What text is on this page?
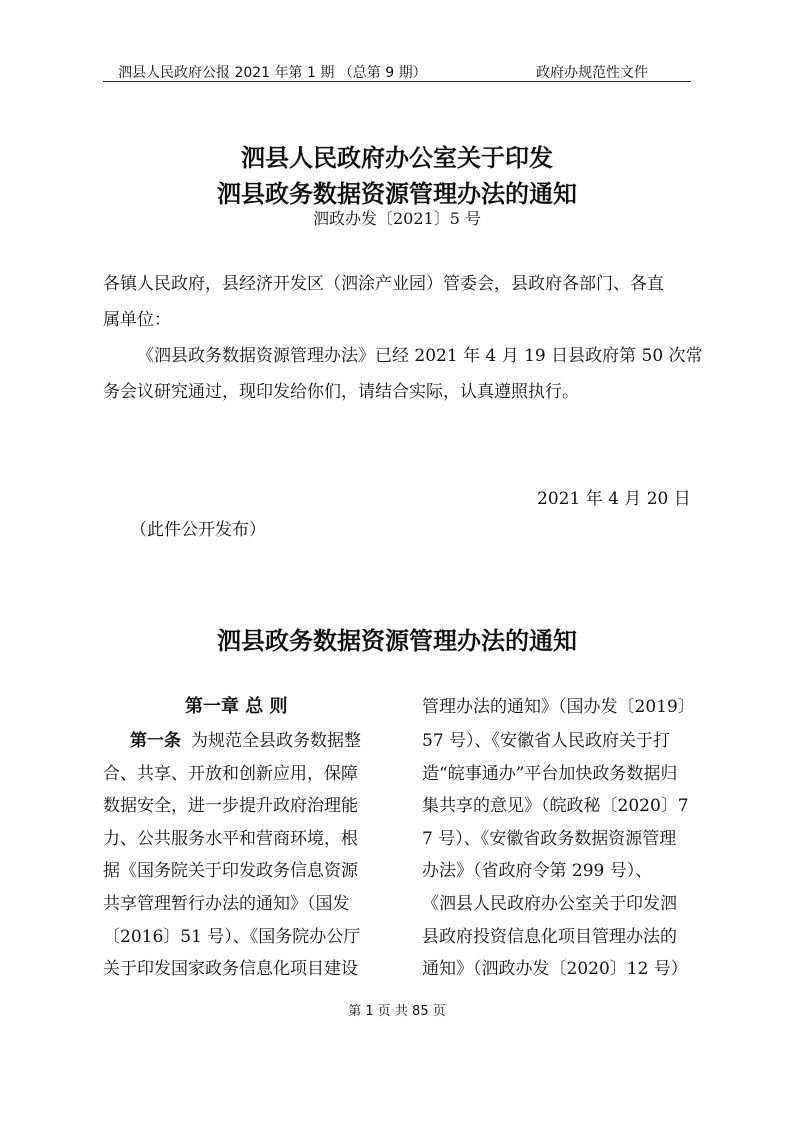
泗县人民政府公报 2021 年第 1 期 （总第 9 期）	政府办规范性文件
泗县人民政府办公室关于印发
泗县政务数据资源管理办法的通知
泗政办发〔2021〕5 号
各镇人民政府，县经济开发区（泗涂产业园）管委会，县政府各部门、各直
属单位：
《泗县政务数据资源管理办法》已经 2021 年 4 月 19 日县政府第 50 次常
务会议研究通过，现印发给你们，请结合实际，认真遵照执行。
2021 年 4 月 20 日
（此件公开发布）
泗县政务数据资源管理办法的通知
第一章 总 则
第一条 为规范全县政务数据整
合、共享、开放和创新应用，保障
数据安全，进一步提升政府治理能
力、公共服务水平和营商环境，根
据《国务院关于印发政务信息资源
共享管理暂行办法的通知》（国发
〔2016〕51 号）、《国务院办公厅
关于印发国家政务信息化项目建设
管理办法的通知》（国办发〔2019〕
57 号）、《安徽省人民政府关于打
造“皖事通办”平台加快政务数据归
集共享的意见》（皖政秘〔2020〕7
7 号）、《安徽省政务数据资源管理
办法》（省政府令第 299 号）、
《泗县人民政府办公室关于印发泗
县政府投资信息化项目管理办法的
通知》（泗政办发〔2020〕12 号）
第 1 页 共 85 页
